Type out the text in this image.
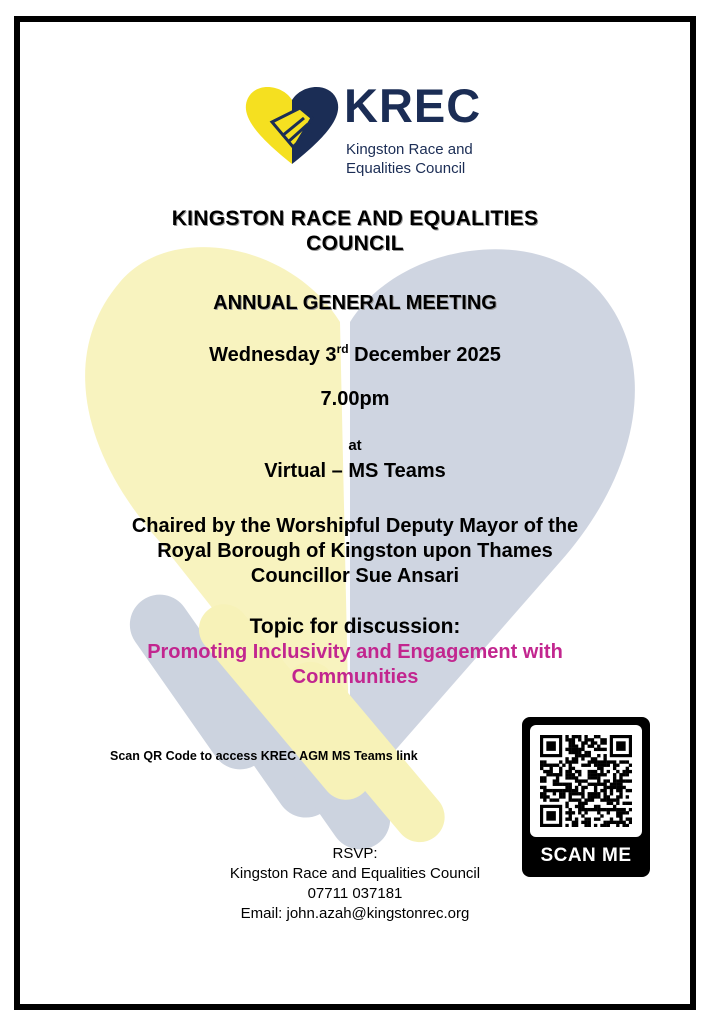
KREC
Kingston Race and
Equalities Council
KINGSTON RACE AND EQUALITIES COUNCIL
ANNUAL GENERAL MEETING
Wednesday 3rd December 2025
7.00pm
at
Virtual – MS Teams
Chaired by the Worshipful Deputy Mayor of the
Royal Borough of Kingston upon Thames
Councillor Sue Ansari
Topic for discussion:
Promoting Inclusivity and Engagement with
Communities
Scan QR Code to access KREC AGM MS Teams link
SCAN ME
RSVP:
Kingston Race and Equalities Council
07711 037181
Email: john.azah@kingstonrec.org
